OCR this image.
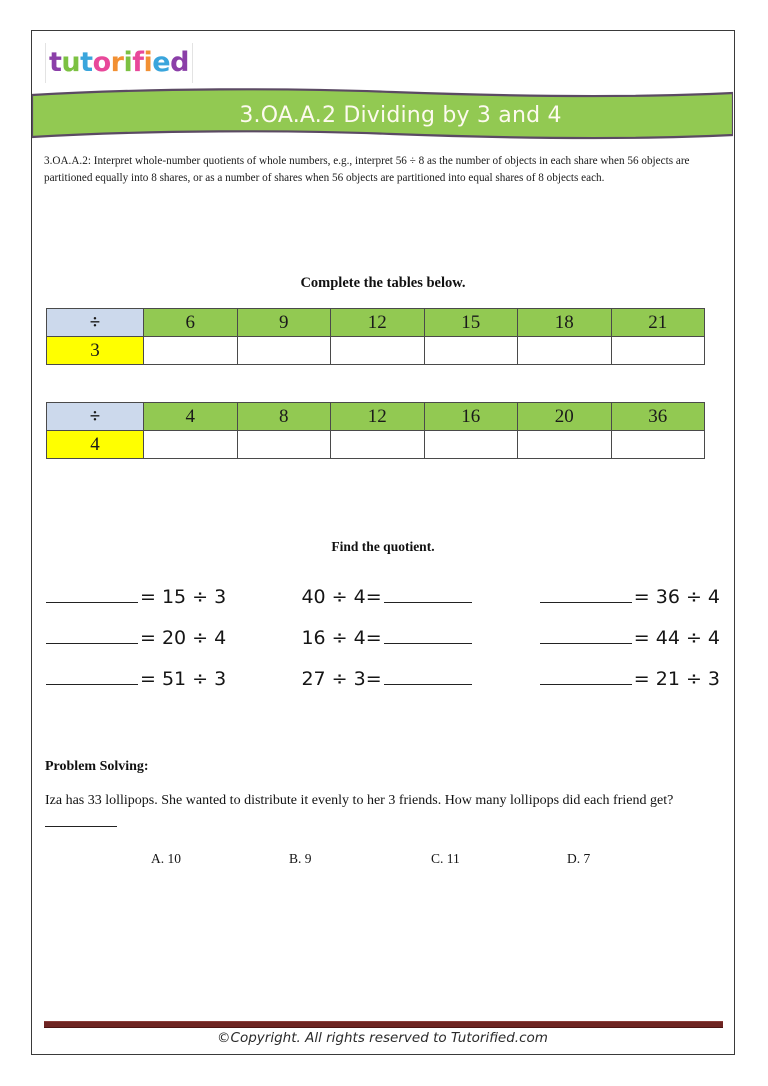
tutorified
3.OA.A.2 Dividing by 3 and 4
3.OA.A.2: Interpret whole-number quotients of whole numbers, e.g., interpret 56 ÷ 8 as the number of objects in each share when 56 objects are partitioned equally into 8 shares, or as a number of shares when 56 objects are partitioned into equal shares of 8 objects each.
Complete the tables below.
÷	6	9	12	15	18	21
3						
÷	4	8	12	16	20	36
4						
Find the quotient.
= 15 ÷ 3	40 ÷ 4=	= 36 ÷ 4
= 20 ÷ 4	16 ÷ 4=	= 44 ÷ 4
= 51 ÷ 3	27 ÷ 3=	= 21 ÷ 3
Problem Solving:
Iza has 33 lollipops. She wanted to distribute it evenly to her 3 friends. How many lollipops did each friend get?
A. 10	B. 9	C. 11	D. 7
©Copyright. All rights reserved to Tutorified.com
